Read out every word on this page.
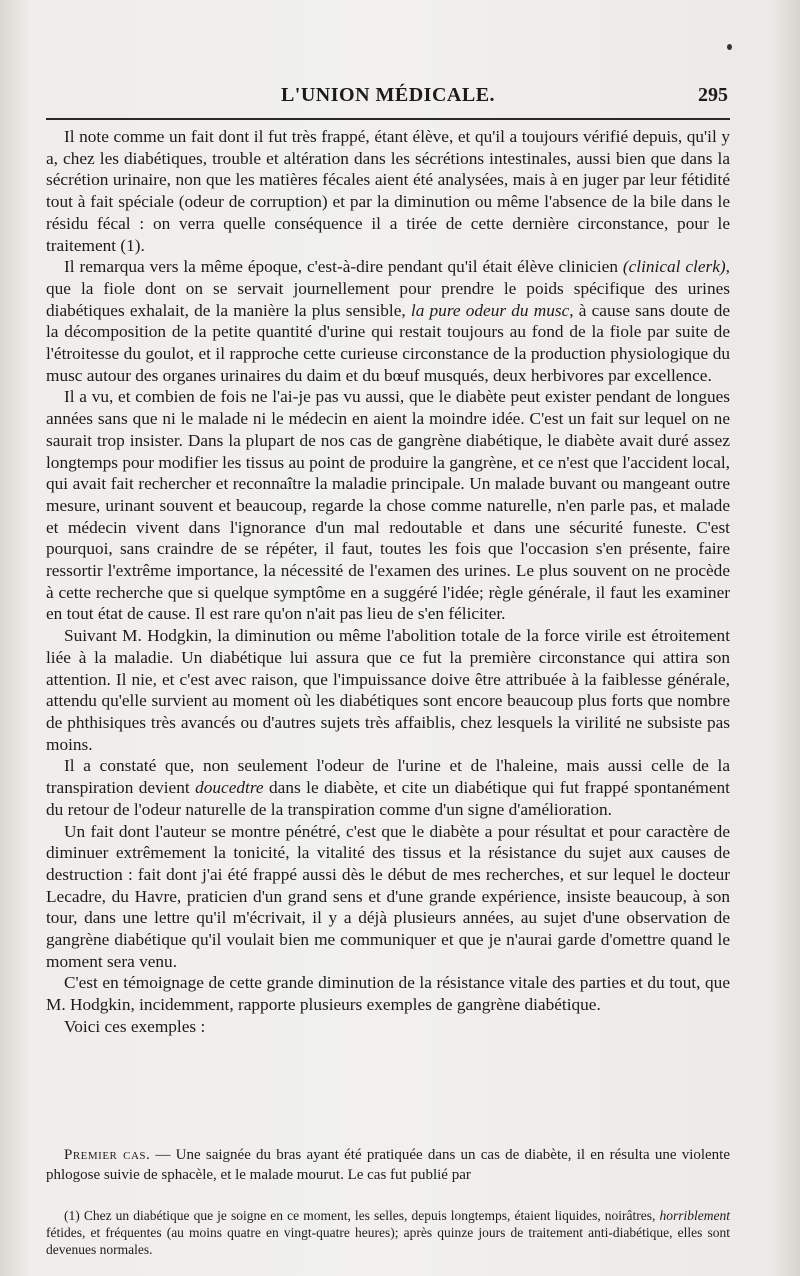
L'UNION MÉDICALE.	295

Il note comme un fait dont il fut très frappé, étant élève, et qu'il a toujours vérifié depuis, qu'il y a, chez les diabétiques, trouble et altération dans les sécrétions intestinales, aussi bien que dans la sécrétion urinaire, non que les matières fécales aient été analysées, mais à en juger par leur fétidité tout à fait spéciale (odeur de corruption) et par la diminution ou même l'absence de la bile dans le résidu fécal : on verra quelle conséquence il a tirée de cette dernière circonstance, pour le traitement (1).

Il remarqua vers la même époque, c'est-à-dire pendant qu'il était élève clinicien (clinical clerk), que la fiole dont on se servait journellement pour prendre le poids spécifique des urines diabétiques exhalait, de la manière la plus sensible, la pure odeur du musc, à cause sans doute de la décomposition de la petite quantité d'urine qui restait toujours au fond de la fiole par suite de l'étroitesse du goulot, et il rapproche cette curieuse circonstance de la production physiologique du musc autour des organes urinaires du daim et du bœuf musqués, deux herbivores par excellence.

Il a vu, et combien de fois ne l'ai-je pas vu aussi, que le diabète peut exister pendant de longues années sans que ni le malade ni le médecin en aient la moindre idée. C'est un fait sur lequel on ne saurait trop insister. Dans la plupart de nos cas de gangrène diabétique, le diabète avait duré assez longtemps pour modifier les tissus au point de produire la gangrène, et ce n'est que l'accident local, qui avait fait rechercher et reconnaître la maladie principale. Un malade buvant ou mangeant outre mesure, urinant souvent et beaucoup, regarde la chose comme naturelle, n'en parle pas, et malade et médecin vivent dans l'ignorance d'un mal redoutable et dans une sécurité funeste. C'est pourquoi, sans craindre de se répéter, il faut, toutes les fois que l'occasion s'en présente, faire ressortir l'extrême importance, la nécessité de l'examen des urines. Le plus souvent on ne procède à cette recherche que si quelque symptôme en a suggéré l'idée; règle générale, il faut les examiner en tout état de cause. Il est rare qu'on n'ait pas lieu de s'en féliciter.

Suivant M. Hodgkin, la diminution ou même l'abolition totale de la force virile est étroitement liée à la maladie. Un diabétique lui assura que ce fut la première circonstance qui attira son attention. Il nie, et c'est avec raison, que l'impuissance doive être attribuée à la faiblesse générale, attendu qu'elle survient au moment où les diabétiques sont encore beaucoup plus forts que nombre de phthisiques très avancés ou d'autres sujets très affaiblis, chez lesquels la virilité ne subsiste pas moins.

Il a constaté que, non seulement l'odeur de l'urine et de l'haleine, mais aussi celle de la transpiration devient doucedtre dans le diabète, et cite un diabétique qui fut frappé spontanément du retour de l'odeur naturelle de la transpiration comme d'un signe d'amélioration.

Un fait dont l'auteur se montre pénétré, c'est que le diabète a pour résultat et pour caractère de diminuer extrêmement la tonicité, la vitalité des tissus et la résistance du sujet aux causes de destruction : fait dont j'ai été frappé aussi dès le début de mes recherches, et sur lequel le docteur Lecadre, du Havre, praticien d'un grand sens et d'une grande expérience, insiste beaucoup, à son tour, dans une lettre qu'il m'écrivait, il y a déjà plusieurs années, au sujet d'une observation de gangrène diabétique qu'il voulait bien me communiquer et que je n'aurai garde d'omettre quand le moment sera venu.

C'est en témoignage de cette grande diminution de la résistance vitale des parties et du tout, que M. Hodgkin, incidemment, rapporte plusieurs exemples de gangrène diabétique.

Voici ces exemples :

Premier cas. — Une saignée du bras ayant été pratiquée dans un cas de diabète, il en résulta une violente phlogose suivie de sphacèle, et le malade mourut. Le cas fut publié par

(1) Chez un diabétique que je soigne en ce moment, les selles, depuis longtemps, étaient liquides, noirâtres, horriblement fétides, et fréquentes (au moins quatre en vingt-quatre heures); après quinze jours de traitement anti-diabétique, elles sont devenues normales.
